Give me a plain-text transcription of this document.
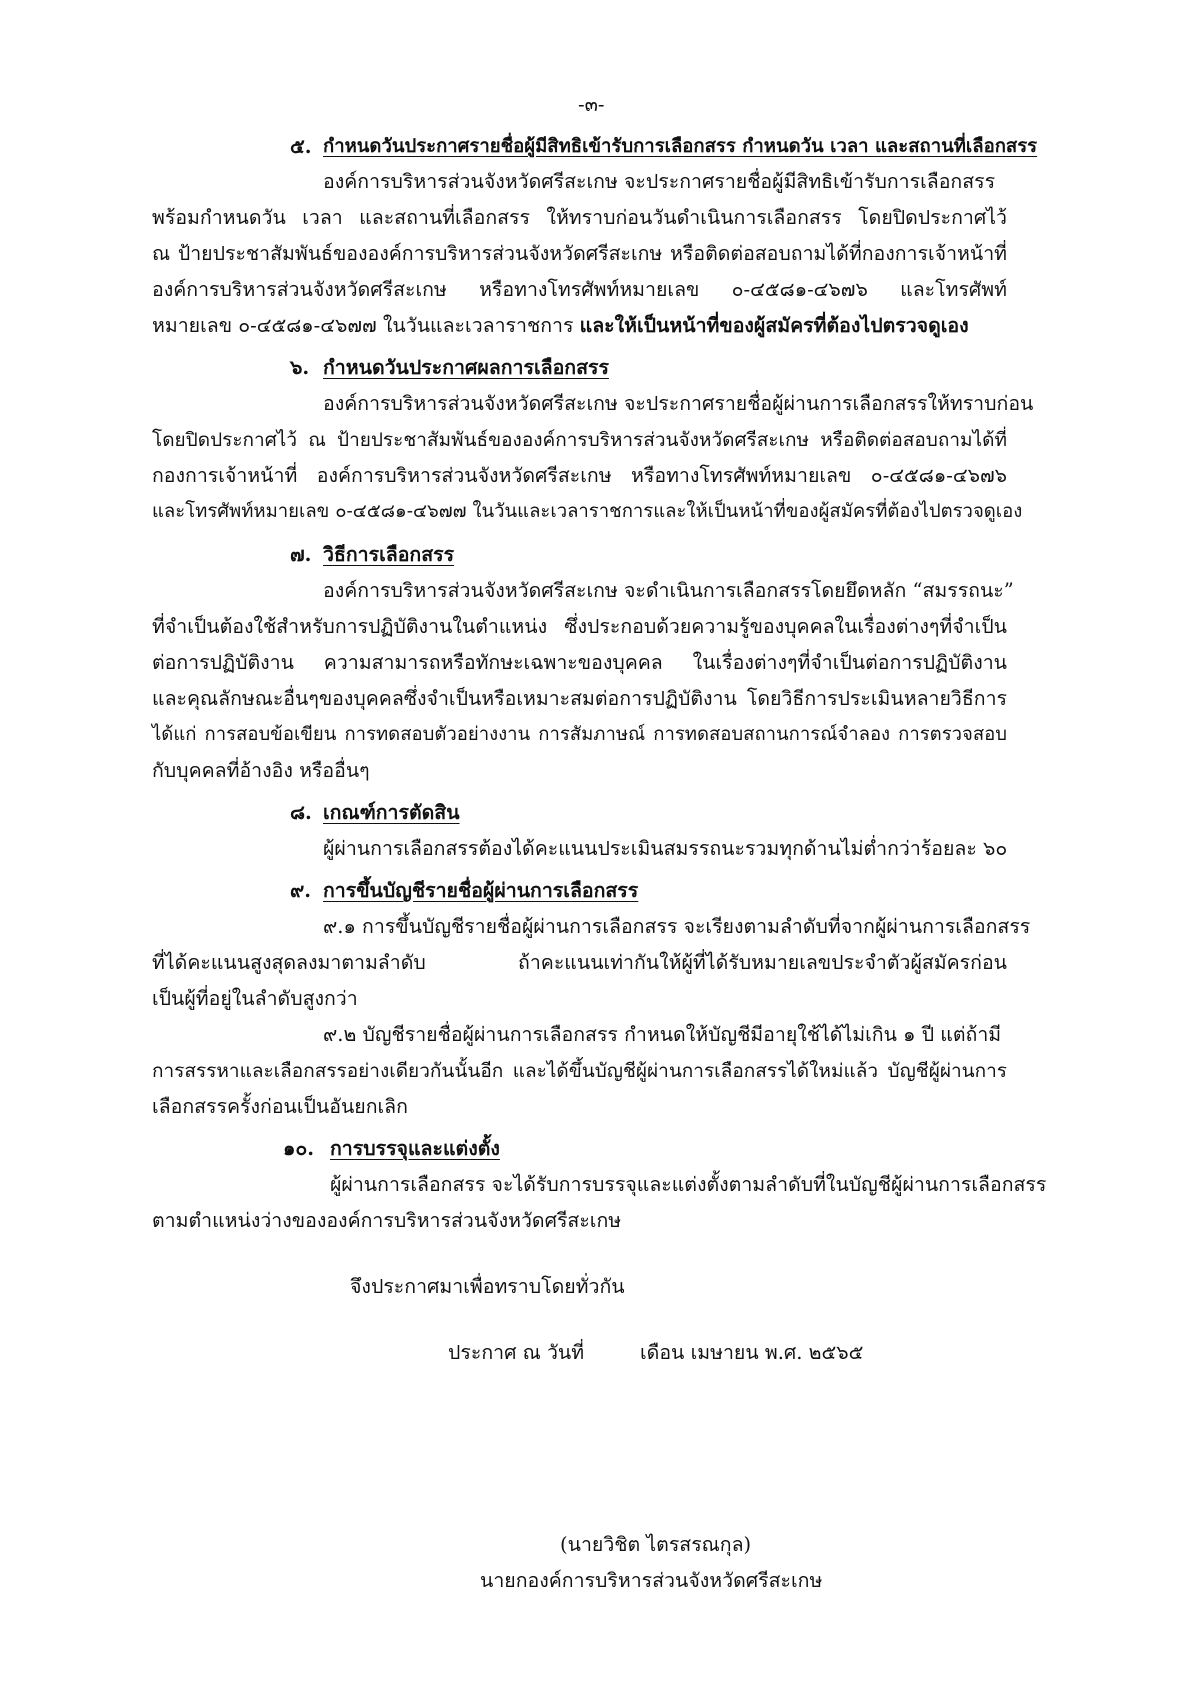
-๓-
๕. กำหนดวันประกาศรายชื่อผู้มีสิทธิเข้ารับการเลือกสรร กำหนดวัน เวลา และสถานที่เลือกสรร
องค์การบริหารส่วนจังหวัดศรีสะเกษ จะประกาศรายชื่อผู้มีสิทธิเข้ารับการเลือกสรร
พร้อมกำหนดวัน เวลา และสถานที่เลือกสรร ให้ทราบก่อนวันดำเนินการเลือกสรร โดยปิดประกาศไว้
ณ ป้ายประชาสัมพันธ์ขององค์การบริหารส่วนจังหวัดศรีสะเกษ หรือติดต่อสอบถามได้ที่กองการเจ้าหน้าที่
องค์การบริหารส่วนจังหวัดศรีสะเกษ หรือทางโทรศัพท์หมายเลข ๐-๔๕๘๑-๔๖๗๖ และโทรศัพท์
หมายเลข ๐-๔๕๘๑-๔๖๗๗ ในวันและเวลาราชการ และให้เป็นหน้าที่ของผู้สมัครที่ต้องไปตรวจดูเอง
๖. กำหนดวันประกาศผลการเลือกสรร
องค์การบริหารส่วนจังหวัดศรีสะเกษ จะประกาศรายชื่อผู้ผ่านการเลือกสรรให้ทราบก่อน
โดยปิดประกาศไว้ ณ ป้ายประชาสัมพันธ์ขององค์การบริหารส่วนจังหวัดศรีสะเกษ หรือติดต่อสอบถามได้ที่
กองการเจ้าหน้าที่ องค์การบริหารส่วนจังหวัดศรีสะเกษ หรือทางโทรศัพท์หมายเลข ๐-๔๕๘๑-๔๖๗๖
และโทรศัพท์หมายเลข ๐-๔๕๘๑-๔๖๗๗ ในวันและเวลาราชการและให้เป็นหน้าที่ของผู้สมัครที่ต้องไปตรวจดูเอง
๗. วิธีการเลือกสรร
องค์การบริหารส่วนจังหวัดศรีสะเกษ จะดำเนินการเลือกสรรโดยยึดหลัก “สมรรถนะ”
ที่จำเป็นต้องใช้สำหรับการปฏิบัติงานในตำแหน่ง ซึ่งประกอบด้วยความรู้ของบุคคลในเรื่องต่างๆที่จำเป็น
ต่อการปฏิบัติงาน ความสามารถหรือทักษะเฉพาะของบุคคล ในเรื่องต่างๆที่จำเป็นต่อการปฏิบัติงาน
และคุณลักษณะอื่นๆของบุคคลซึ่งจำเป็นหรือเหมาะสมต่อการปฏิบัติงาน โดยวิธีการประเมินหลายวิธีการ
ได้แก่ การสอบข้อเขียน การทดสอบตัวอย่างงาน การสัมภาษณ์ การทดสอบสถานการณ์จำลอง การตรวจสอบ
กับบุคคลที่อ้างอิง หรืออื่นๆ
๘. เกณฑ์การตัดสิน
ผู้ผ่านการเลือกสรรต้องได้คะแนนประเมินสมรรถนะรวมทุกด้านไม่ต่ำกว่าร้อยละ ๖๐
๙. การขึ้นบัญชีรายชื่อผู้ผ่านการเลือกสรร
๙.๑ การขึ้นบัญชีรายชื่อผู้ผ่านการเลือกสรร จะเรียงตามลำดับที่จากผู้ผ่านการเลือกสรร
ที่ได้คะแนนสูงสุดลงมาตามลำดับ ถ้าคะแนนเท่ากันให้ผู้ที่ได้รับหมายเลขประจำตัวผู้สมัครก่อน
เป็นผู้ที่อยู่ในลำดับสูงกว่า
๙.๒ บัญชีรายชื่อผู้ผ่านการเลือกสรร กำหนดให้บัญชีมีอายุใช้ได้ไม่เกิน ๑ ปี แต่ถ้ามี
การสรรหาและเลือกสรรอย่างเดียวกันนั้นอีก และได้ขึ้นบัญชีผู้ผ่านการเลือกสรรได้ใหม่แล้ว บัญชีผู้ผ่านการ
เลือกสรรครั้งก่อนเป็นอันยกเลิก
๑๐. การบรรจุและแต่งตั้ง
ผู้ผ่านการเลือกสรร จะได้รับการบรรจุและแต่งตั้งตามลำดับที่ในบัญชีผู้ผ่านการเลือกสรร
ตามตำแหน่งว่างขององค์การบริหารส่วนจังหวัดศรีสะเกษ
จึงประกาศมาเพื่อทราบโดยทั่วกัน
ประกาศ ณ วันที่	เดือน เมษายน พ.ศ. ๒๕๖๕
(นายวิชิต ไตรสรณกุล)
นายกองค์การบริหารส่วนจังหวัดศรีสะเกษ
